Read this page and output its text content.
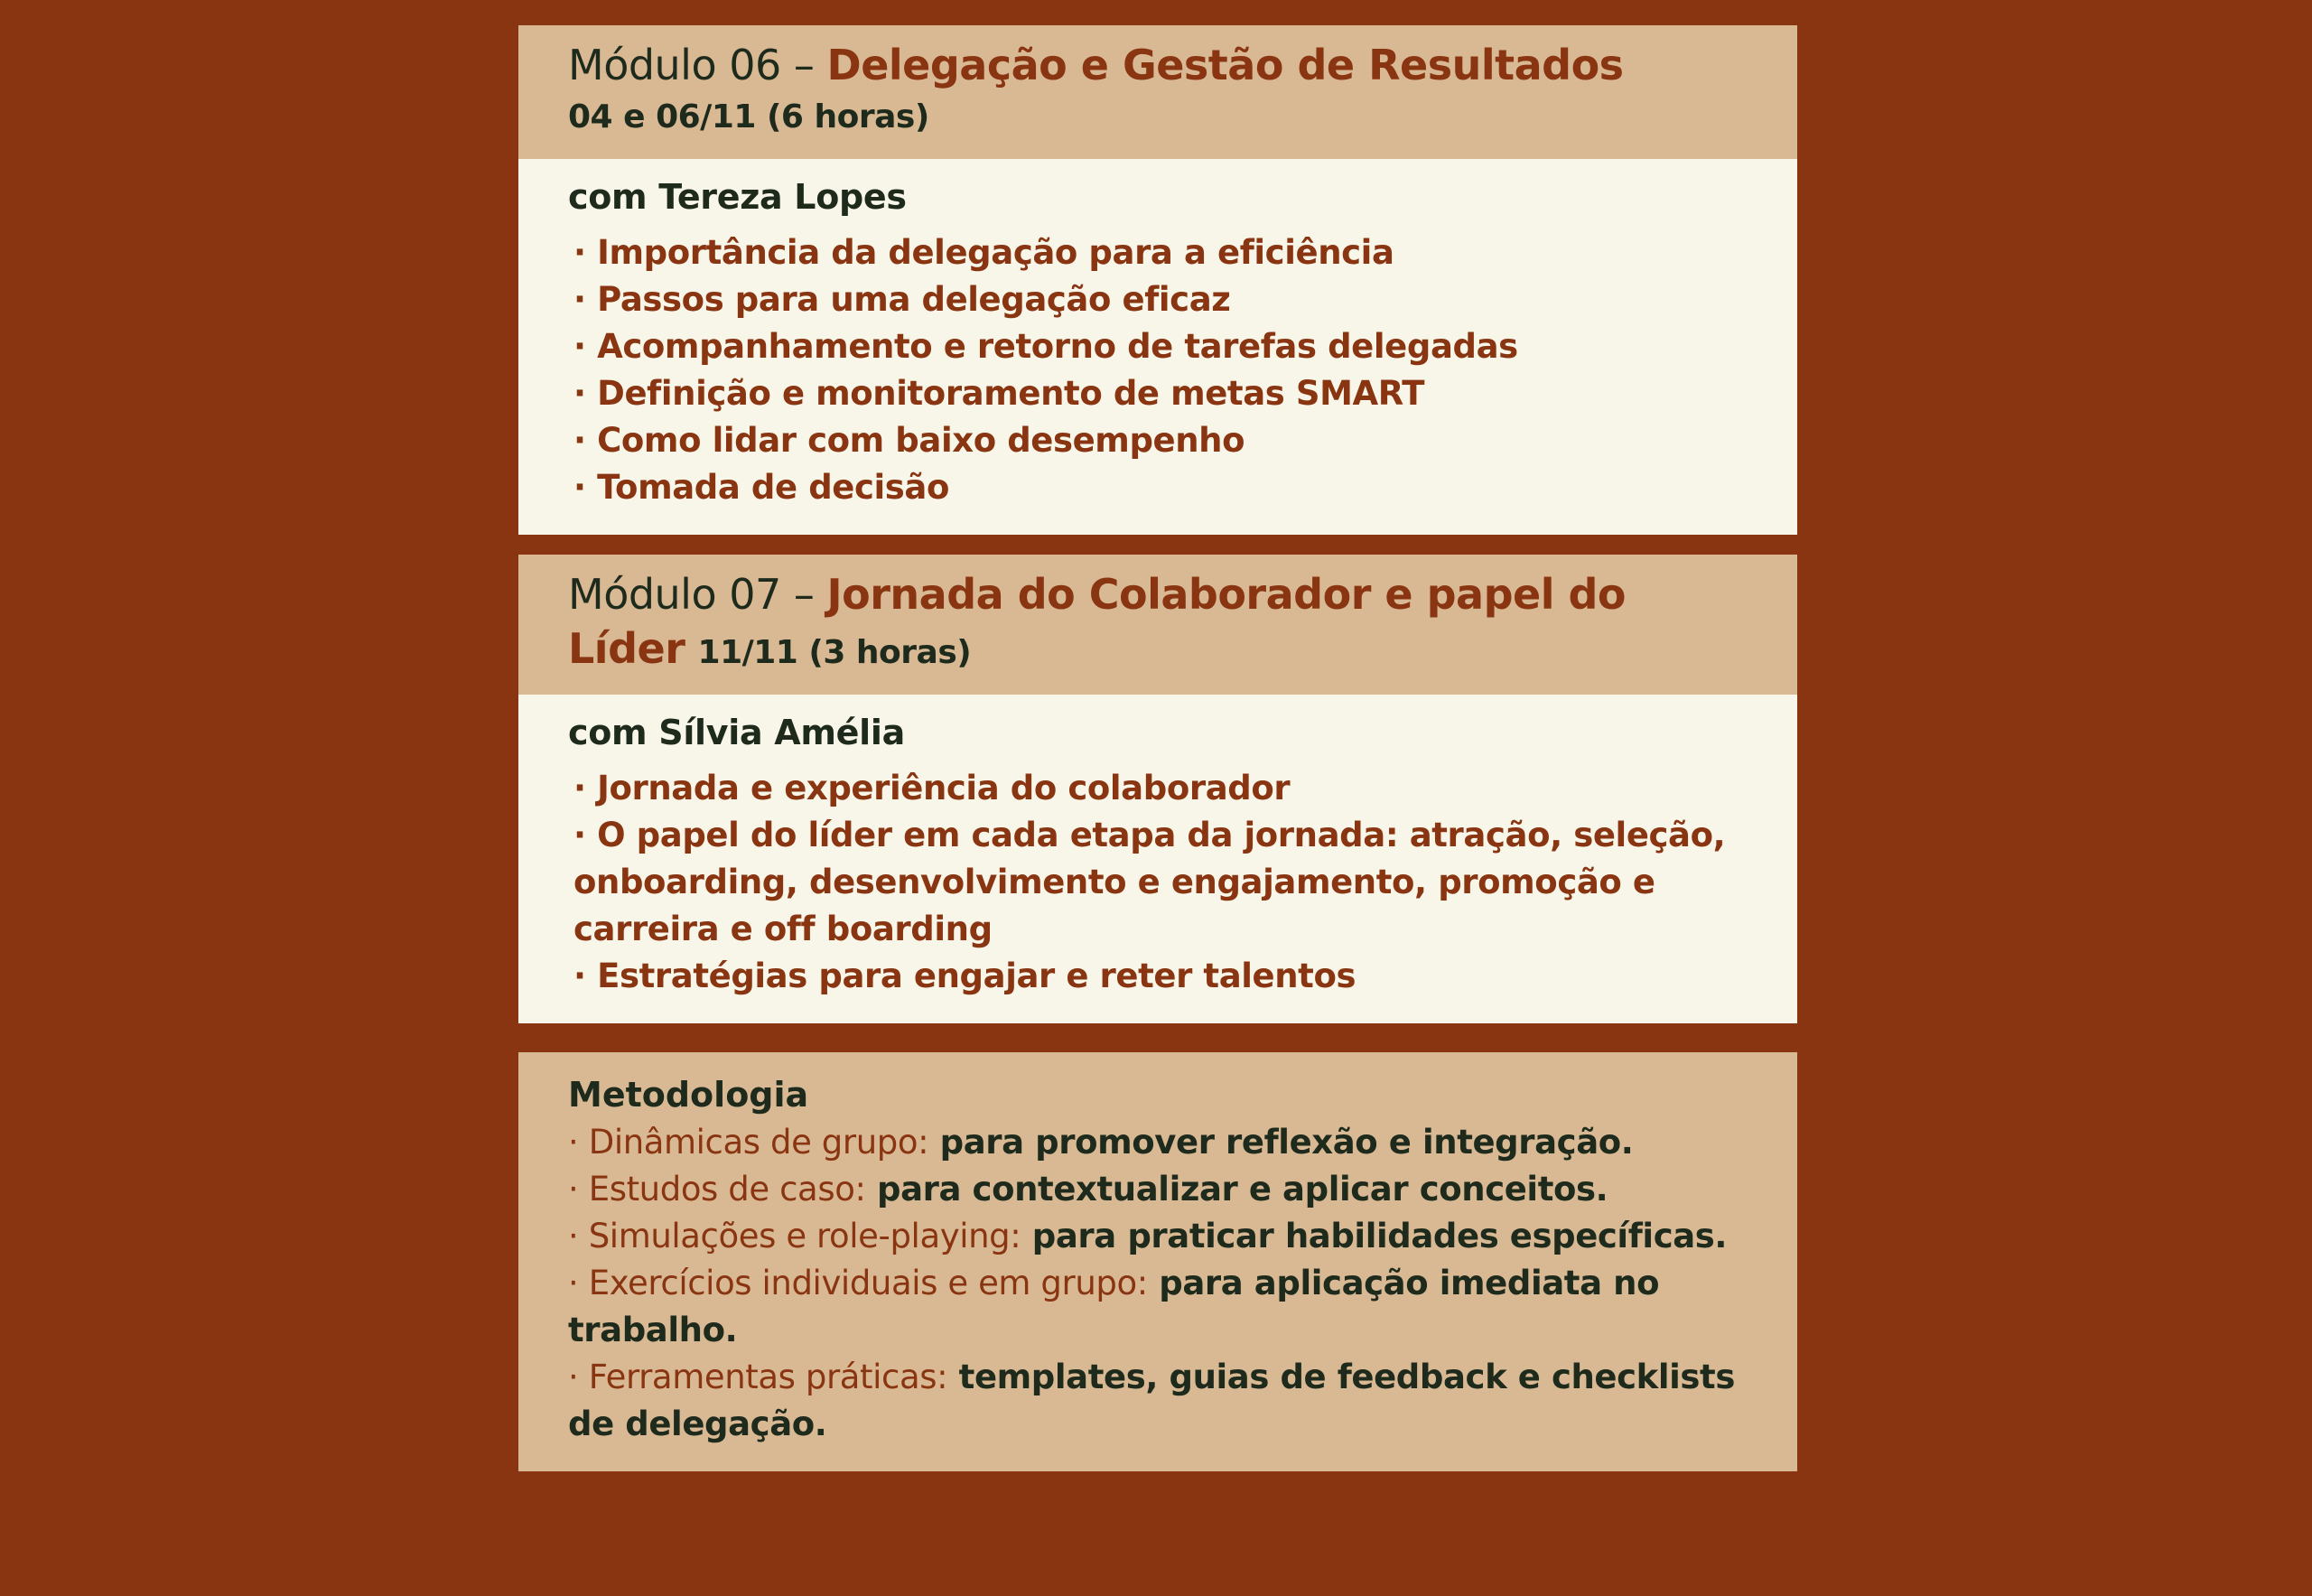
Módulo 06 – Delegação e Gestão de Resultados
04 e 06/11 (6 horas)
com Tereza Lopes
· Importância da delegação para a eficiência
· Passos para uma delegação eficaz
· Acompanhamento e retorno de tarefas delegadas
· Definição e monitoramento de metas SMART
· Como lidar com baixo desempenho
· Tomada de decisão
Módulo 07 – Jornada do Colaborador e papel do Líder 11/11 (3 horas)
com Sílvia Amélia
· Jornada e experiência do colaborador
· O papel do líder em cada etapa da jornada: atração, seleção, onboarding, desenvolvimento e engajamento, promoção e carreira e off boarding
· Estratégias para engajar e reter talentos
Metodologia
· Dinâmicas de grupo: para promover reflexão e integração.
· Estudos de caso: para contextualizar e aplicar conceitos.
· Simulações e role-playing: para praticar habilidades específicas.
· Exercícios individuais e em grupo: para aplicação imediata no trabalho.
· Ferramentas práticas: templates, guias de feedback e checklists de delegação.
